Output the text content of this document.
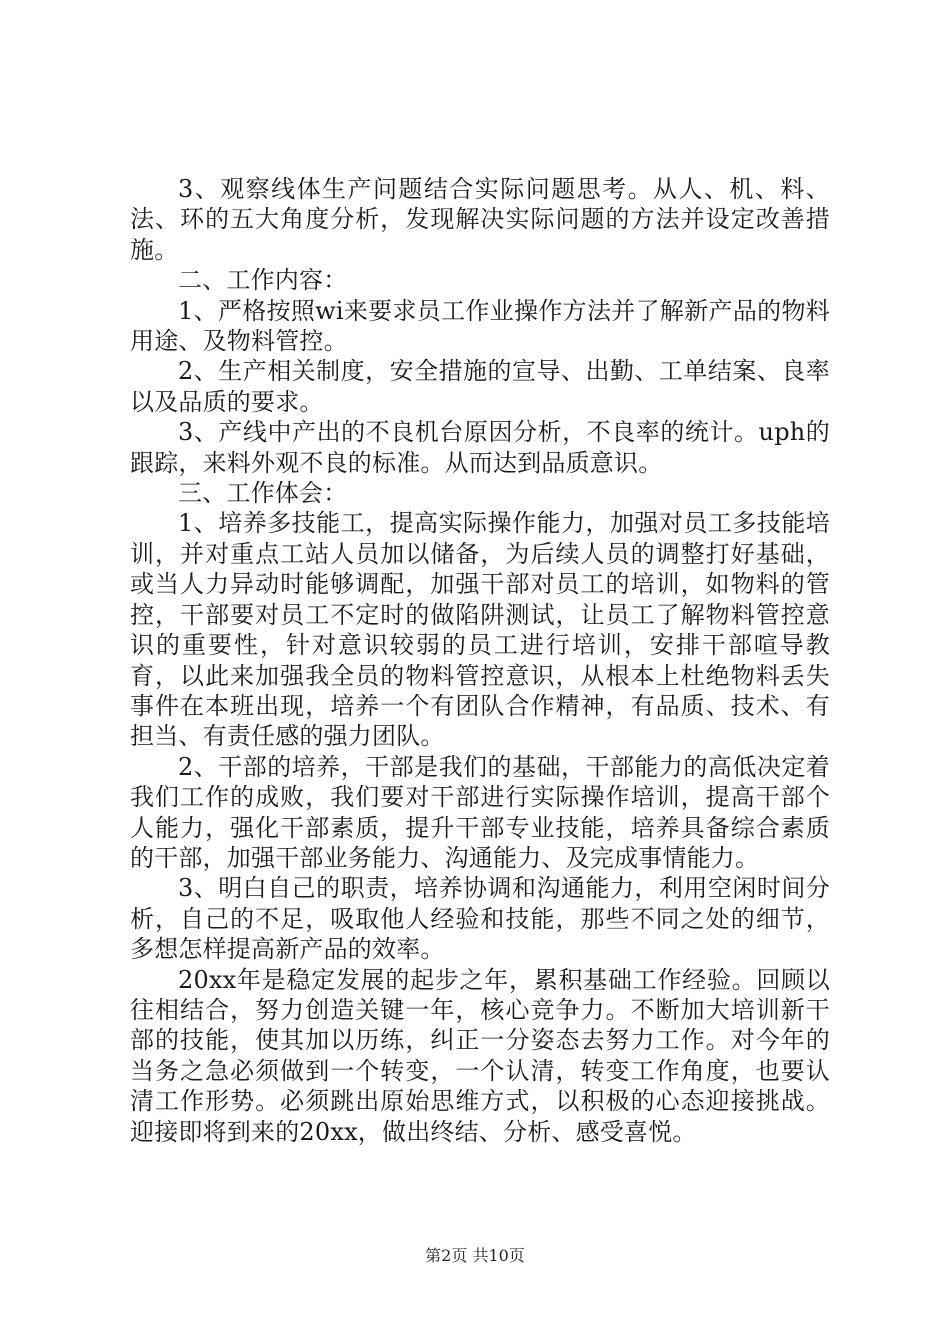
3、观察线体生产问题结合实际问题思考。从人、机、料、法、环的五大角度分析，发现解决实际问题的方法并设定改善措施。

二、工作内容：

1、严格按照wi来要求员工作业操作方法并了解新产品的物料用途、及物料管控。

2、生产相关制度，安全措施的宣导、出勤、工单结案、良率以及品质的要求。

3、产线中产出的不良机台原因分析，不良率的统计。uph的跟踪，来料外观不良的标准。从而达到品质意识。

三、工作体会：

1、培养多技能工，提高实际操作能力，加强对员工多技能培训，并对重点工站人员加以储备，为后续人员的调整打好基础，或当人力异动时能够调配，加强干部对员工的培训，如物料的管控，干部要对员工不定时的做陷阱测试，让员工了解物料管控意识的重要性，针对意识较弱的员工进行培训，安排干部喧导教育，以此来加强我全员的物料管控意识，从根本上杜绝物料丢失事件在本班出现，培养一个有团队合作精神，有品质、技术、有担当、有责任感的强力团队。

2、干部的培养，干部是我们的基础，干部能力的高低决定着我们工作的成败，我们要对干部进行实际操作培训，提高干部个人能力，强化干部素质，提升干部专业技能，培养具备综合素质的干部，加强干部业务能力、沟通能力、及完成事情能力。

3、明白自己的职责，培养协调和沟通能力，利用空闲时间分析，自己的不足，吸取他人经验和技能，那些不同之处的细节，多想怎样提高新产品的效率。

20xx年是稳定发展的起步之年，累积基础工作经验。回顾以往相结合，努力创造关键一年，核心竞争力。不断加大培训新干部的技能，使其加以历练，纠正一分姿态去努力工作。对今年的当务之急必须做到一个转变，一个认清，转变工作角度，也要认清工作形势。必须跳出原始思维方式，以积极的心态迎接挑战。迎接即将到来的20xx，做出终结、分析、感受喜悦。

第2页 共10页
